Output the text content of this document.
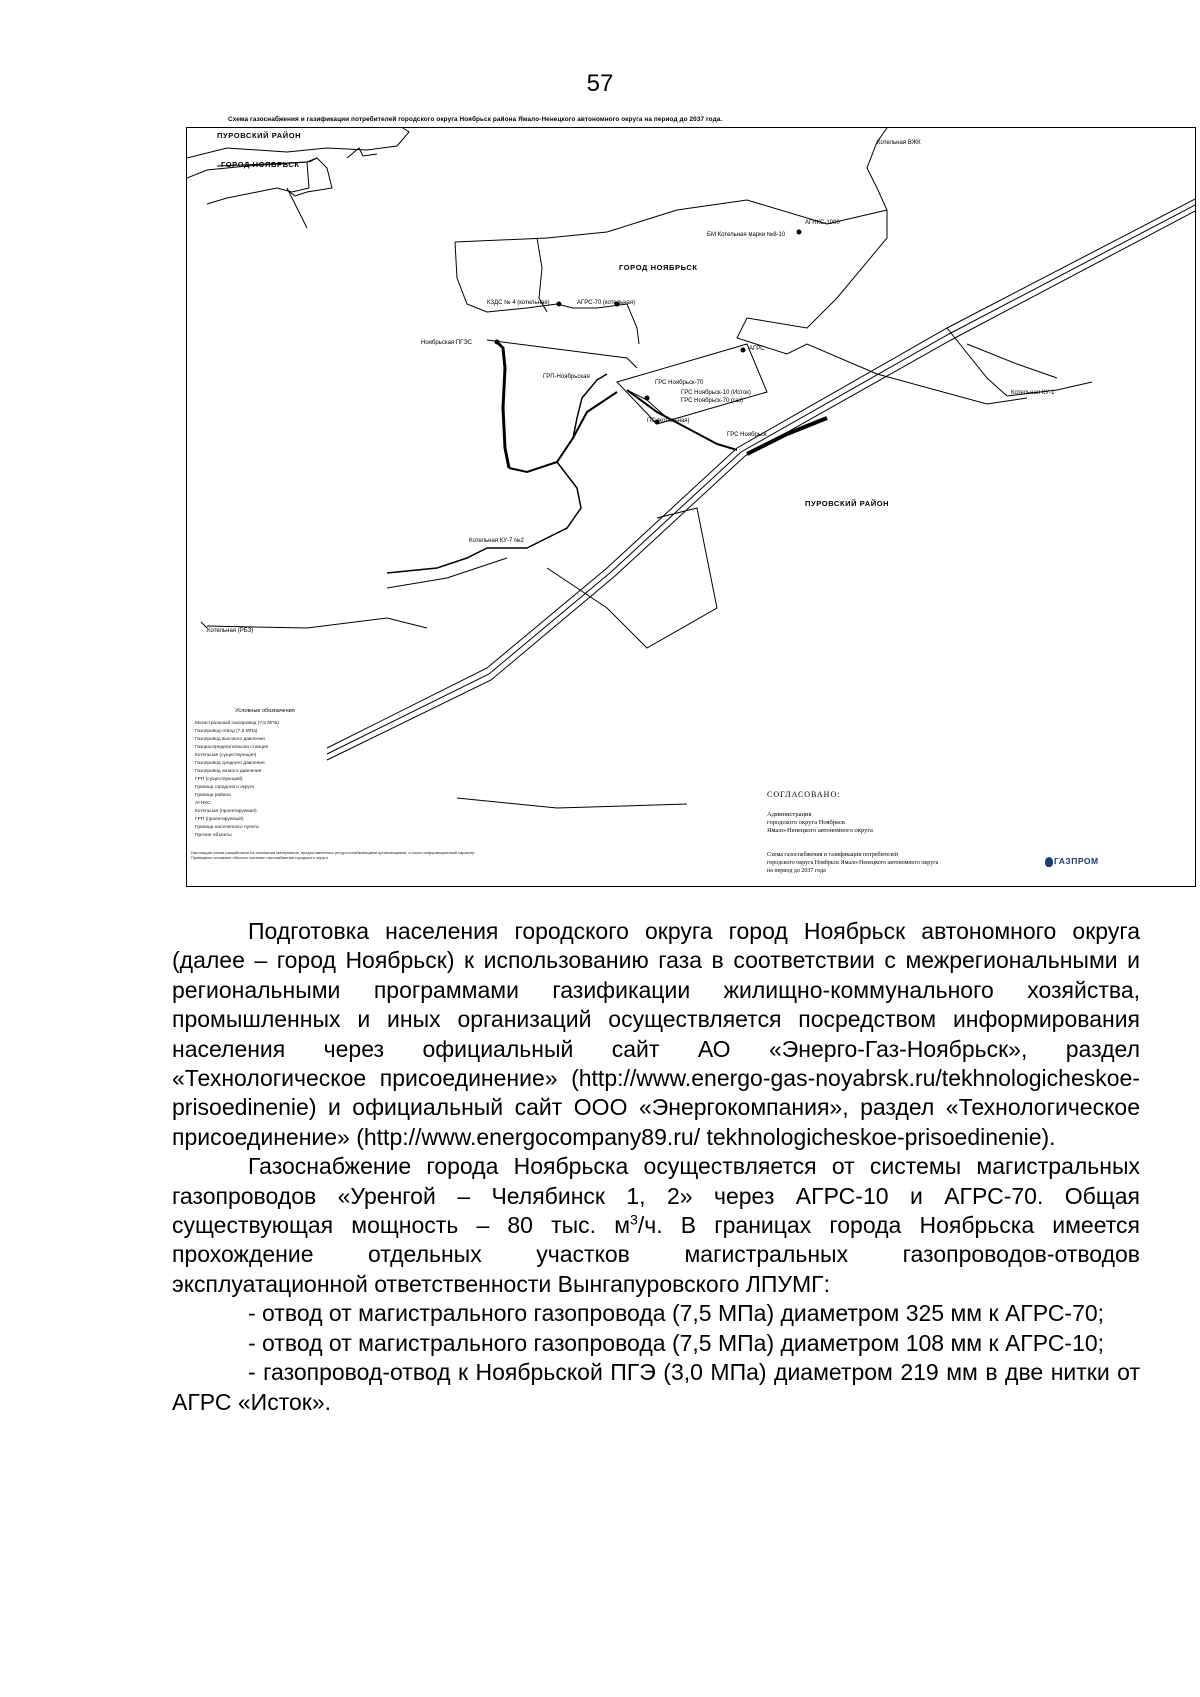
57
Схема газоснабжения и газификации потребителей городского округа Ноябрьск района Ямало-Ненецкого автономного округа на период до 2037 года.
ПУРОВСКИЙ РАЙОН
ГОРОД НОЯБРЬСК
ГОРОД НОЯБРЬСК
ПУРОВСКИЙ РАЙОН
Котельная ВЖК
АГНКС-1000
БМ Котельная марки №8-10
КЗДС № 4 (котельная)	АГРС-70 (котельная)
Ноябрьская ПГЭС
АГРС
ГРП-Ноябрьская
ГРС Ноябрьск-70
ГРС Ноябрьск-10 (Исток)
ГРС Ноябрьск-70 (газ)
ПС (котельная)
ГРС Ноябрьск
Котельная КУ-1
Котельная (РБЗ)
Котельная КУ-7 №2
Условные обозначения
Магистральный газопровод (7,5 МПа)
Газопровод-отвод (7,5 МПа)
Газопровод высокого давления
Газораспределительная станция
Котельная (существующая)
Газопровод среднего давления
Газопровод низкого давления
ГРП (существующий)
Граница городского округа
Граница района
АГНКС
Котельная (проектируемая)
ГРП (проектируемый)
Граница населенного пункта
Прочие объекты
Настоящая схема разработана на основании материалов, предоставленных ресурсоснабжающими организациями, и носит информационный характер. Приведены основные объекты системы газоснабжения городского округа.
СОГЛАСОВАНО:
Администрация
городского округа Ноябрьск
Ямало-Ненецкого автономного округа
Схема газоснабжения и газификации потребителей
городского округа Ноябрьск Ямало-Ненецкого автономного округа
на период до 2037 года
ГАЗПРОМ

Подготовка населения городского округа город Ноябрьск автономного округа (далее – город Ноябрьск) к использованию газа в соответствии с межрегиональными и региональными программами газификации жилищно-коммунального хозяйства, промышленных и иных организаций осуществляется посредством информирования населения через официальный сайт АО «Энерго-Газ-Ноябрьск», раздел «Технологическое присоединение» (http://www.energo-gas-noyabrsk.ru/tekhnologicheskoe-prisoedinenie) и официальный сайт ООО «Энергокомпания», раздел «Технологическое присоединение» (http://www.energocompany89.ru/ tekhnologicheskoe-prisoedinenie).

Газоснабжение города Ноябрьска осуществляется от системы магистральных газопроводов «Уренгой – Челябинск 1, 2» через АГРС-10 и АГРС-70. Общая существующая мощность – 80 тыс. $м^3/ч$. В границах города Ноябрьска имеется прохождение отдельных участков магистральных газопроводов-отводов эксплуатационной ответственности Вынгапуровского ЛПУМГ:

- отвод от магистрального газопровода (7,5 МПа) диаметром 325 мм к АГРС-70;

- отвод от магистрального газопровода (7,5 МПа) диаметром 108 мм к АГРС-10;

- газопровод-отвод к Ноябрьской ПГЭ (3,0 МПа) диаметром 219 мм в две нитки от АГРС «Исток».
